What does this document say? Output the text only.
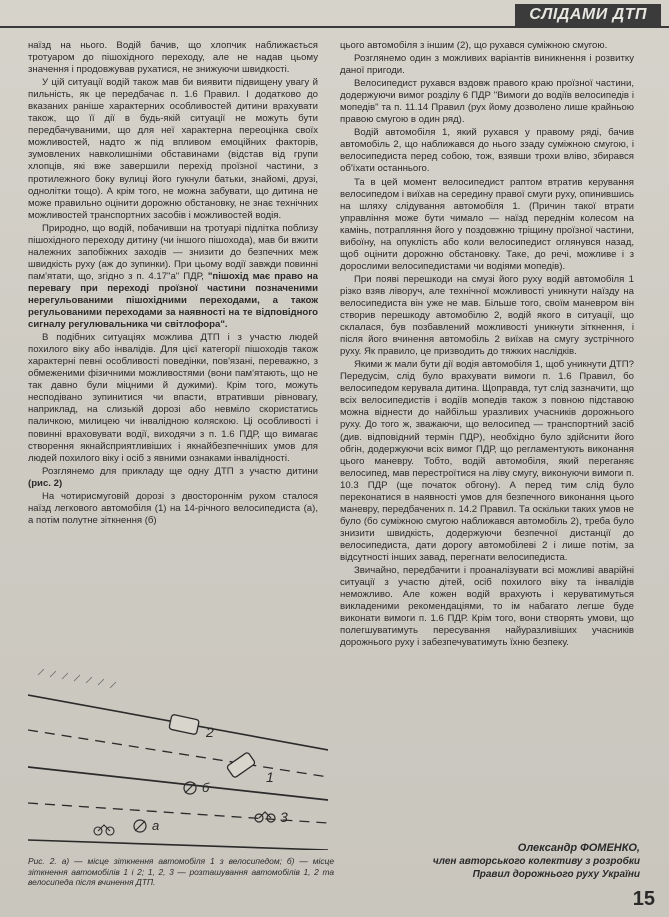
СЛІДАМИ ДТП

наїзд на нього. Водій бачив, що хлопчик наближається тротуаром до пішохідного переходу, але не надав цьому значення і продовжував рухатися, не знижуючи швидкості.

У цій ситуації водій також мав би виявити підвищену увагу й пильність, як це передбачає п. 1.6 Правил. І додатково до вказаних раніше характерних особливостей дитини врахувати також, що її дії в будь-якій ситуації не можуть бути передбачуваними, що для неї характерна переоцінка своїх можливостей, надто ж під впливом емоційних факторів, зумовлених навколишніми обставинами (відстав від групи хлопців, які вже завершили перехід проїзної частини, з протилежного боку вулиці його гукнули батьки, знайомі, друзі, однолітки тощо). А крім того, не можна забувати, що дитина не може правильно оцінити дорожню обстановку, не знає технічних можливостей транспортних засобів і можливостей водія.

Природно, що водій, побачивши на тротуарі підлітка поблизу пішохідного переходу дитину (чи іншого пішохода), мав би вжити належних запобіжних заходів — знизити до безпечних меж швидкість руху (аж до зупинки). При цьому водії завжди повинні пам'ятати, що, згідно з п. 4.17"а" ПДР, "пішохід має право на перевагу при переході проїзної частини позначеними нерегульованими пішохідними переходами, а також регульованими переходами за наявності на те відповідного сигналу регулювальника чи світлофора".

В подібних ситуаціях можлива ДТП і з участю людей похилого віку або інвалідів. Для цієї категорії пішоходів також характерні певні особливості поведінки, пов'язані, переважно, з обмеженими фізичними можливостями (вони пам'ятають, що не так давно були міцними й дужими). Крім того, можуть несподівано зупинитися чи впасти, втративши рівновагу, наприклад, на слизькій дорозі або невміло скористатись паличкою, милицею чи інвалідною коляскою. Ці особливості і повинні враховувати водії, виходячи з п. 1.6 ПДР, що вимагає створення якнайсприятливіших і якнайбезпечніших умов для людей похилого віку і осіб з явними ознаками інвалідності.

Розглянемо для прикладу ще одну ДТП з участю дитини (рис. 2)

На чотирисмуговій дорозі з двостороннім рухом сталося наїзд легкового автомобіля (1) на 14-річного велосипедиста (а), а потім полутне зіткнення (б)

цього автомобіля з іншим (2), що рухався суміжною смугою.

Розглянемо один з можливих варіантів виникнення і розвитку даної пригоди.

Велосипедист рухався вздовж правого краю проїзної частини, додержуючи вимог розділу 6 ПДР "Вимоги до водіїв велосипедів і мопедів" та п. 11.14 Правил (рух йому дозволено лише крайньою правою смугою в один ряд).

Водій автомобіля 1, який рухався у правому ряді, бачив автомобіль 2, що наближався до нього ззаду суміжною смугою, і велосипедиста перед собою, тож, взявши трохи вліво, збирався об'їхати останнього.

Та в цей момент велосипедист раптом втратив керування велосипедом і виїхав на середину правої смуги руху, опинившись на шляху слідування автомобіля 1. (Причин такої втрати управління може бути чимало — наїзд переднім колесом на камінь, потрапляння його у поздовжню тріщину проїзної частини, вибоїну, на опуклість або коли велосипедист оглянувся назад, щоб оцінити дорожню обстановку. Таке, до речі, можливе і з дорослими велосипедистами чи водіями мопедів).

При появі перешкоди на смузі його руху водій автомобіля 1 різко взяв ліворуч, але технічної можливості уникнути наїзду на велосипедиста він уже не мав. Більше того, своїм маневром він створив перешкоду автомобілю 2, водій якого в ситуації, що склалася, був позбавлений можливості уникнути зіткнення, і після його вчинення автомобіль 2 виїхав на смугу зустрічного руху. Як правило, це призводить до тяжких наслідків.

Якими ж мали бути дії водія автомобіля 1, щоб уникнути ДТП? Передусім, слід було врахувати вимоги п. 1.6 Правил, бо велосипедом керувала дитина. Щоправда, тут слід зазначити, що всіх велосипедистів і водіїв мопедів також з повною підставою можна віднести до найбільш уразливих учасників дорожнього руху. До того ж, зважаючи, що велосипед — транспортний засіб (див. відповідний термін ПДР), необхідно було здійснити його обгін, додержуючи всіх вимог ПДР, що регламентують виконання цього маневру. Тобто, водій автомобіля, який переганяє велосипед, мав перестроїтися на ліву смугу, виконуючи вимоги п. 10.3 ПДР (ще початок обгону). А перед тим слід було переконатися в наявності умов для безпечного виконання цього маневру, передбачених п. 14.2 Правил. Та оскільки таких умов не було (бо суміжною смугою наближався автомобіль 2), треба було знизити швидкість, додержуючи безпечної дистанції до велосипедиста, дати дорогу автомобілеві 2 і лише потім, за відсутності інших завад, перегнати велосипедиста.

Звичайно, передбачити і проаналізувати всі можливі аварійні ситуації з участю дітей, осіб похилого віку та інвалідів неможливо. Але кожен водій врахують і керуватимуться викладеними рекомендаціями, то ім набагато легше буде виконати вимоги п. 1.6 ПДР. Крім того, вони створять умови, що полегшуватимуть пересування найуразливіших учасників дорожнього руху і забезпечуватимуть їхню безпеку.

2
1
3
б
а
Рис. 2. а) — місце зіткнення автомобіля 1 з велосипедом; б) — місце зіткнення автомобілів 1 і 2; 1, 2, 3 — розташування автомобілів 1, 2 та велосипеда після вчинення ДТП.
Олександр ФОМЕНКО,
член авторського колективу з розробки
Правил дорожнього руху України
15
